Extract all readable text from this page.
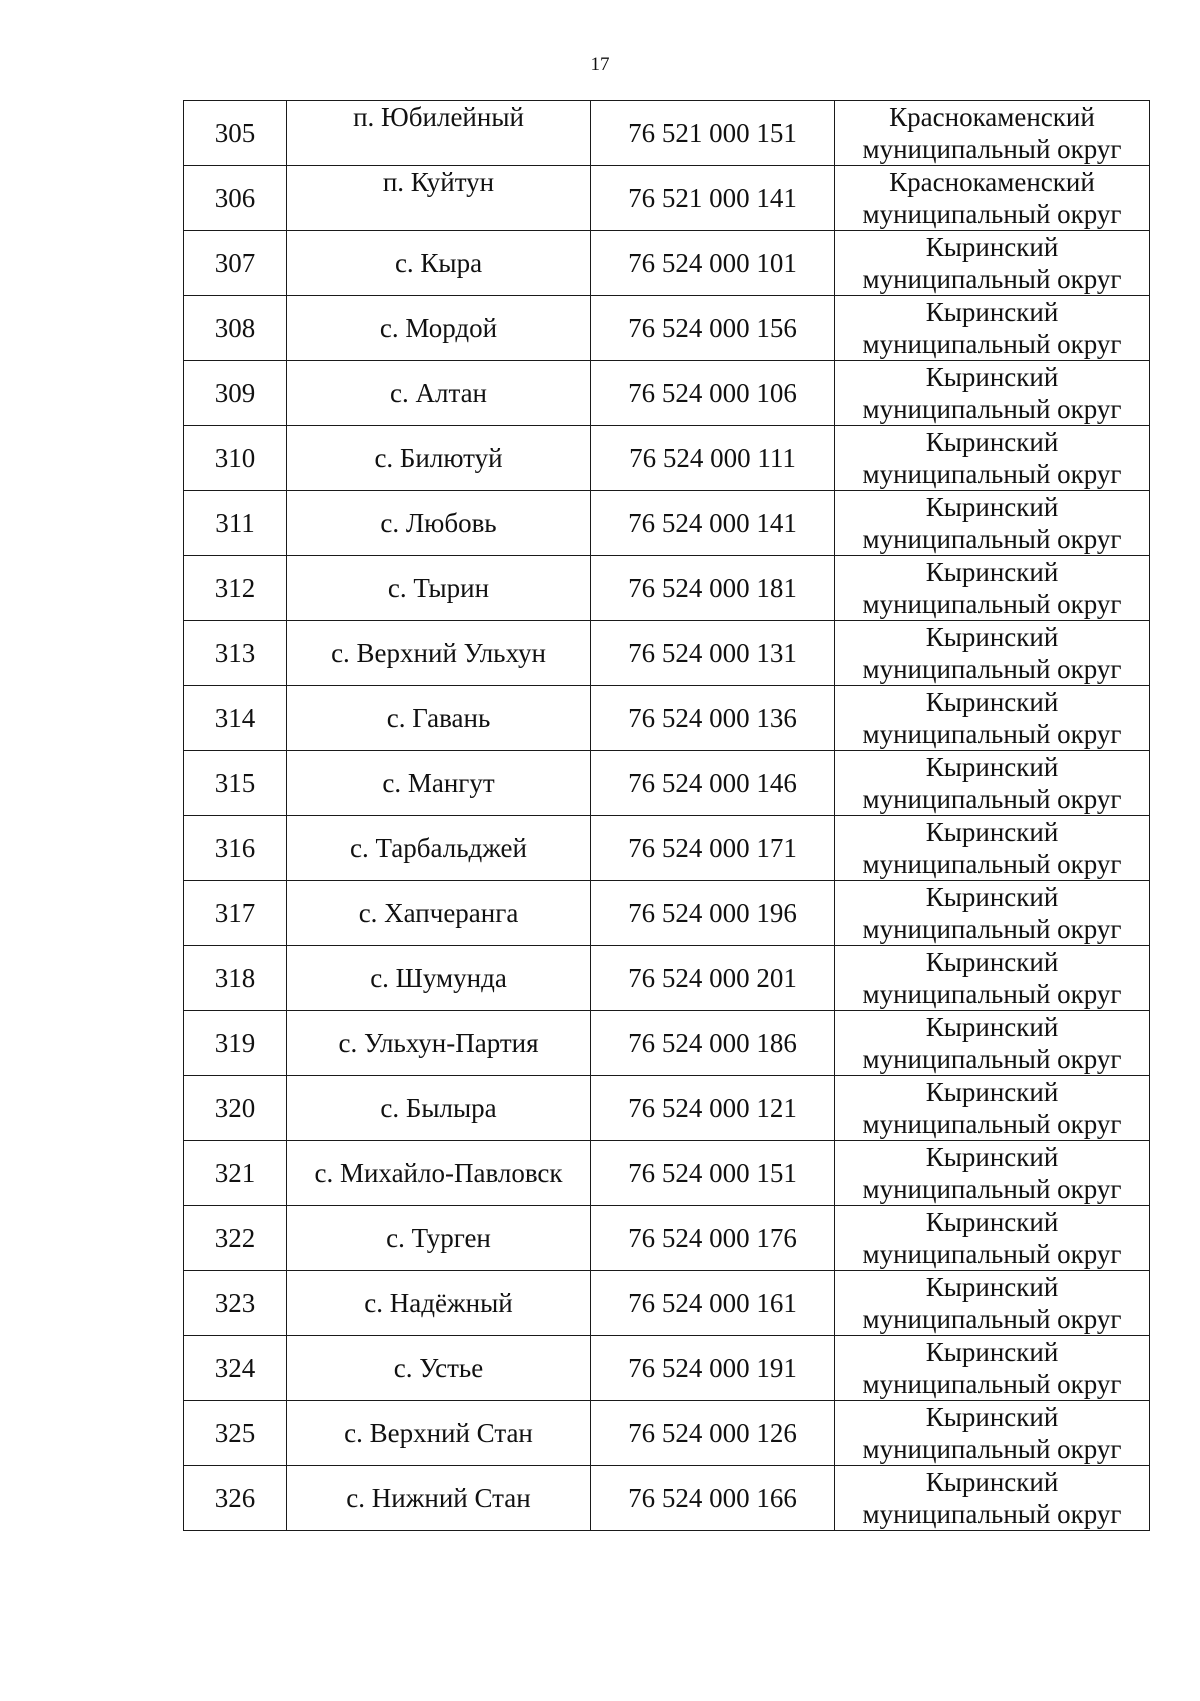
17
305	п. Юбилейный	76 521 000 151	Краснокаменский
муниципальный округ

306	п. Куйтун	76 521 000 141	Краснокаменский
муниципальный округ

307	с. Кыра	76 524 000 101	Кыринский
муниципальный округ

308	с. Мордой	76 524 000 156	Кыринский
муниципальный округ

309	с. Алтан	76 524 000 106	Кыринский
муниципальный округ

310	с. Билютуй	76 524 000 111	Кыринский
муниципальный округ

311	с. Любовь	76 524 000 141	Кыринский
муниципальный округ

312	с. Тырин	76 524 000 181	Кыринский
муниципальный округ

313	с. Верхний Ульхун	76 524 000 131	Кыринский
муниципальный округ

314	с. Гавань	76 524 000 136	Кыринский
муниципальный округ

315	с. Мангут	76 524 000 146	Кыринский
муниципальный округ

316	с. Тарбальджей	76 524 000 171	Кыринский
муниципальный округ

317	с. Хапчеранга	76 524 000 196	Кыринский
муниципальный округ

318	с. Шумунда	76 524 000 201	Кыринский
муниципальный округ

319	с. Ульхун-Партия	76 524 000 186	Кыринский
муниципальный округ

320	с. Былыра	76 524 000 121	Кыринский
муниципальный округ

321	с. Михайло-Павловск	76 524 000 151	Кыринский
муниципальный округ

322	с. Турген	76 524 000 176	Кыринский
муниципальный округ

323	с. Надёжный	76 524 000 161	Кыринский
муниципальный округ

324	с. Устье	76 524 000 191	Кыринский
муниципальный округ

325	с. Верхний Стан	76 524 000 126	Кыринский
муниципальный округ

326	с. Нижний Стан	76 524 000 166	Кыринский
муниципальный округ
